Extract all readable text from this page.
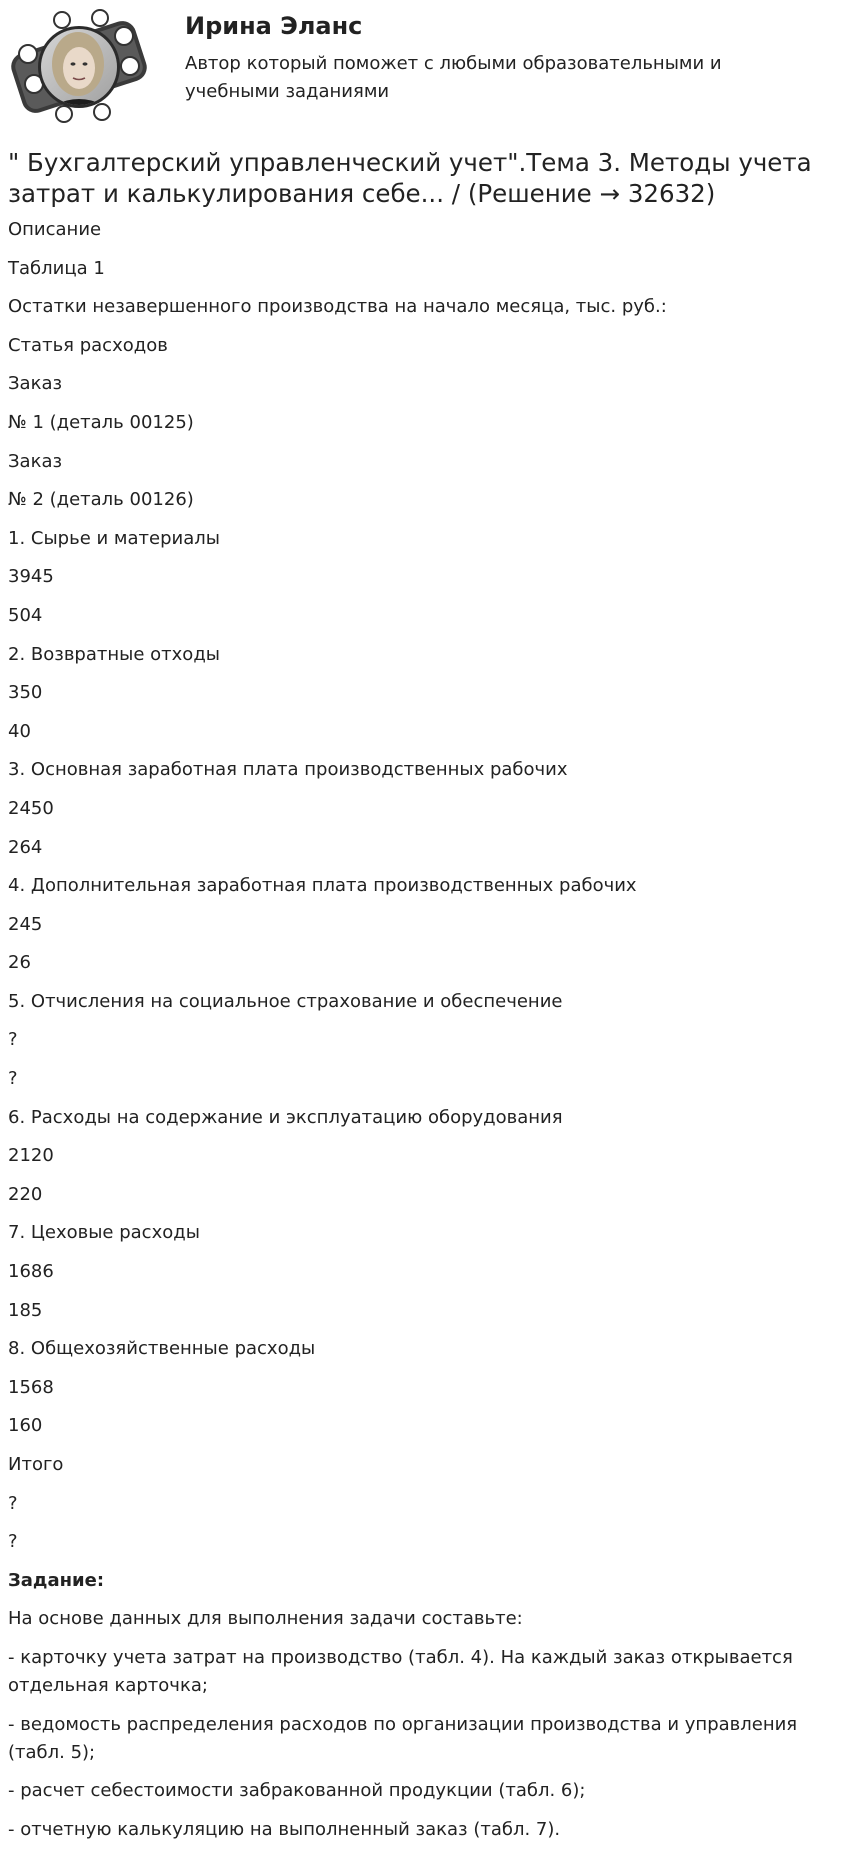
Ирина Эланс
Автор который поможет с любыми образовательными и учебными заданиями
" Бухгалтерский управленческий учет".Тема 3. Методы учета затрат и калькулирования себе... / (Решение → 32632)
Описание
Таблица 1
Остатки незавершенного производства на начало месяца, тыс. руб.:
Статья расходов
Заказ
№ 1 (деталь 00125)
Заказ
№ 2 (деталь 00126)
1. Сырье и материалы
3945
504
2. Возвратные отходы
350
40
3. Основная заработная плата производственных рабочих
2450
264
4. Дополнительная заработная плата производственных рабочих
245
26
5. Отчисления на социальное страхование и обеспечение
?
?
6. Расходы на содержание и эксплуатацию оборудования
2120
220
7. Цеховые расходы
1686
185
8. Общехозяйственные расходы
1568
160
Итого
?
?
Задание:
На основе данных для выполнения задачи составьте:
- карточку учета затрат на производство (табл. 4). На каждый заказ открывается отдельная карточка;
- ведомость распределения расходов по организации производства и управления (табл. 5);
- расчет себестоимости забракованной продукции (табл. 6);
- отчетную калькуляцию на выполненный заказ (табл. 7).
